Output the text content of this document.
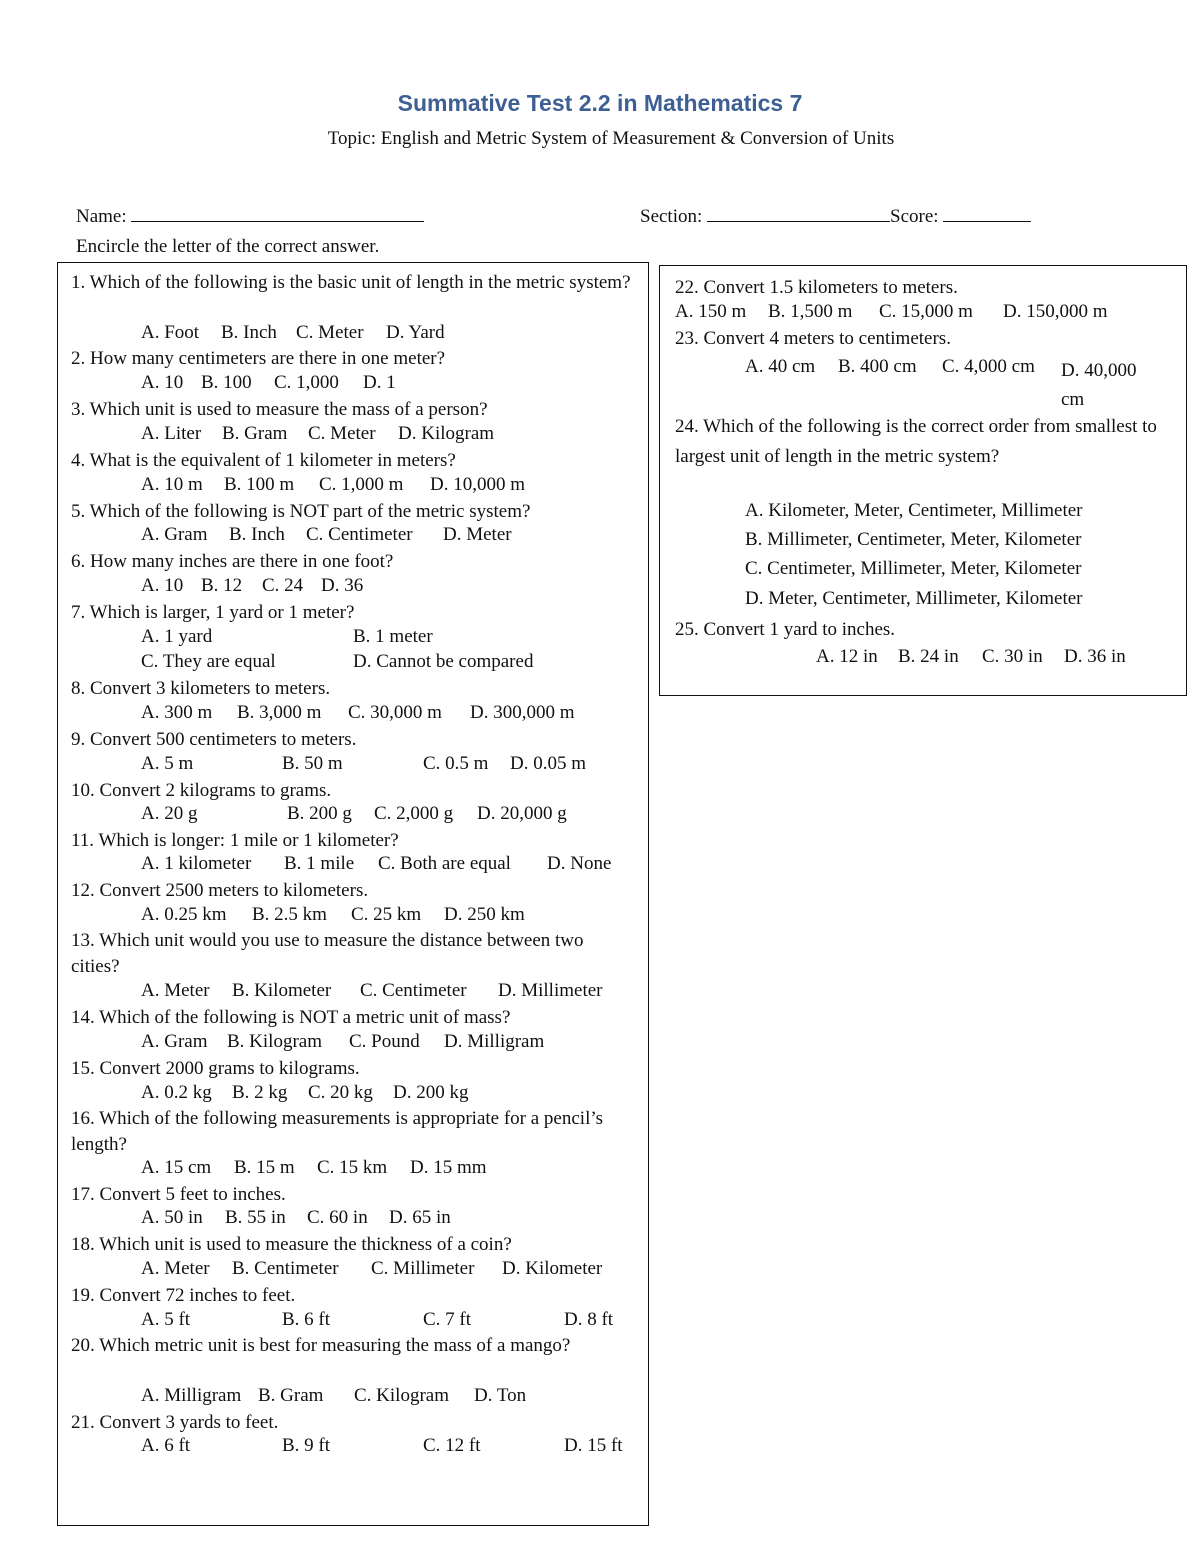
Summative Test 2.2 in Mathematics 7
Topic: English and Metric System of Measurement & Conversion of Units
Name:	Section:	Score:
Encircle the letter of the correct answer.
1. Which of the following is the basic unit of length in the metric system?
A. Foot B. Inch C. Meter D. Yard
2. How many centimeters are there in one meter?
A. 10 B. 100 C. 1,000 D. 1
3. Which unit is used to measure the mass of a person?
A. Liter B. Gram C. Meter D. Kilogram
4. What is the equivalent of 1 kilometer in meters?
A. 10 m B. 100 m C. 1,000 m D. 10,000 m
5. Which of the following is NOT part of the metric system?
A. Gram B. Inch C. Centimeter D. Meter
6. How many inches are there in one foot?
A. 10 B. 12 C. 24 D. 36
7. Which is larger, 1 yard or 1 meter?
A. 1 yard	B. 1 meter
C. They are equal	D. Cannot be compared
8. Convert 3 kilometers to meters.
A. 300 m B. 3,000 m C. 30,000 m D. 300,000 m
9. Convert 500 centimeters to meters.
A. 5 m	B. 50 m	C. 0.5 m D. 0.05 m
10. Convert 2 kilograms to grams.
A. 20 g	B. 200 g C. 2,000 g D. 20,000 g
11. Which is longer: 1 mile or 1 kilometer?
A. 1 kilometer B. 1 mile C. Both are equal D. None
12. Convert 2500 meters to kilometers.
A. 0.25 km B. 2.5 km C. 25 km D. 250 km
13. Which unit would you use to measure the distance between two cities?
A. Meter B. Kilometer C. Centimeter D. Millimeter
14. Which of the following is NOT a metric unit of mass?
A. Gram B. Kilogram C. Pound D. Milligram
15. Convert 2000 grams to kilograms.
A. 0.2 kg B. 2 kg C. 20 kg D. 200 kg
16. Which of the following measurements is appropriate for a pencil’s length?
A. 15 cm B. 15 m C. 15 km D. 15 mm
17. Convert 5 feet to inches.
A. 50 in B. 55 in C. 60 in D. 65 in
18. Which unit is used to measure the thickness of a coin?
A. Meter B. Centimeter C. Millimeter D. Kilometer
19. Convert 72 inches to feet.
A. 5 ft	B. 6 ft	C. 7 ft	D. 8 ft
20. Which metric unit is best for measuring the mass of a mango?
A. Milligram B. Gram C. Kilogram D. Ton
21. Convert 3 yards to feet.
A. 6 ft	B. 9 ft	C. 12 ft	D. 15 ft
22. Convert 1.5 kilometers to meters.
A. 150 m B. 1,500 m C. 15,000 m D. 150,000 m
23. Convert 4 meters to centimeters.
A. 40 cm B. 400 cm C. 4,000 cm D. 40,000 cm
24. Which of the following is the correct order from smallest to largest unit of length in the metric system?
A. Kilometer, Meter, Centimeter, Millimeter
B. Millimeter, Centimeter, Meter, Kilometer
C. Centimeter, Millimeter, Meter, Kilometer
D. Meter, Centimeter, Millimeter, Kilometer
25. Convert 1 yard to inches.
A. 12 in B. 24 in C. 30 in D. 36 in
